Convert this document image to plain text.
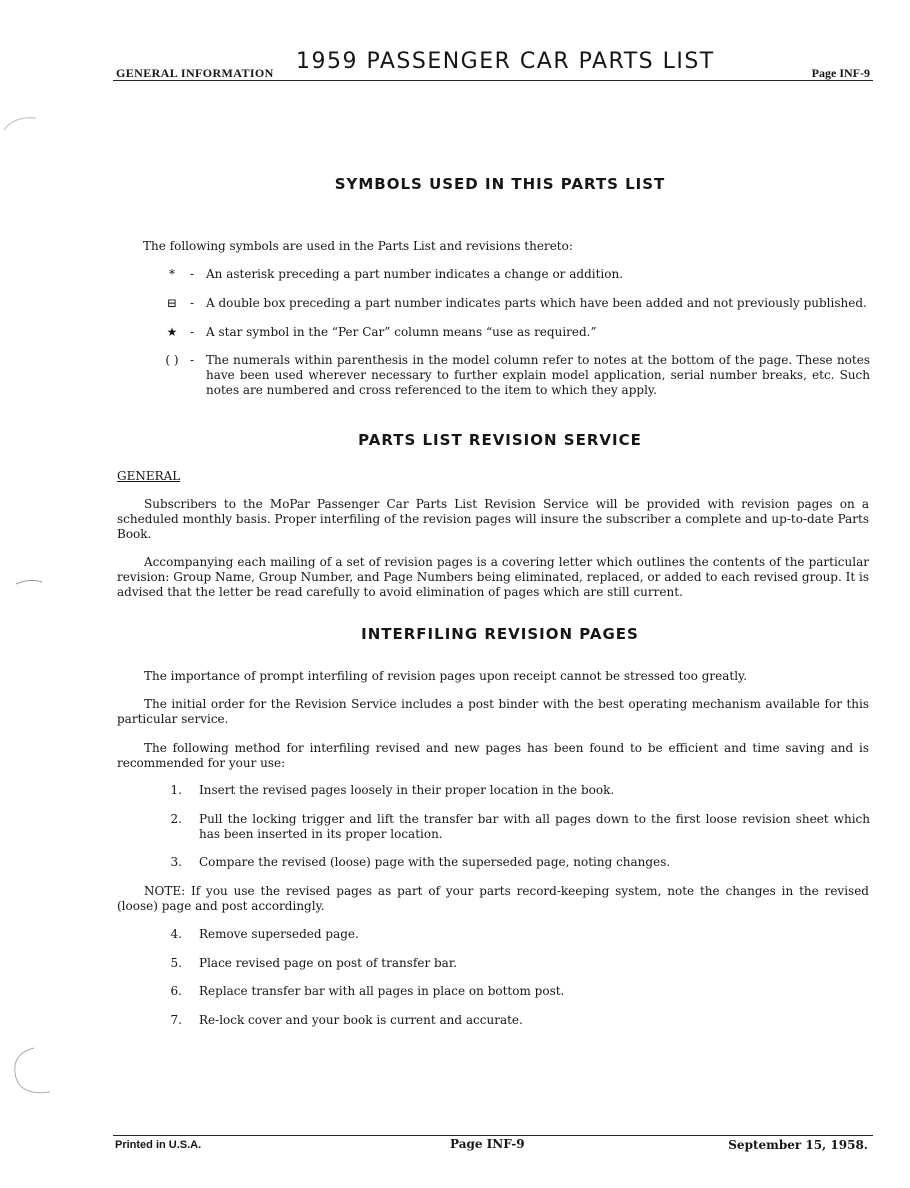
GENERAL INFORMATION 1959 PASSENGER CAR PARTS LIST	Page INF-9
SYMBOLS USED IN THIS PARTS LIST
The following symbols are used in the Parts List and revisions thereto:
*	- An asterisk preceding a part number indicates a change or addition.
⊟	- A double box preceding a part number indicates parts which have been added and not previously published.
★	- A star symbol in the “Per Car” column means “use as required.”
( ) - The numerals within parenthesis in the model column refer to notes at the bottom of the page. These notes have been used wherever necessary to further explain model application, serial number breaks, etc. Such notes are numbered and cross referenced to the item to which they apply.
PARTS LIST REVISION SERVICE
GENERAL
Subscribers to the MoPar Passenger Car Parts List Revision Service will be provided with revision pages on a scheduled monthly basis. Proper interfiling of the revision pages will insure the subscriber a complete and up-to-date Parts Book.
Accompanying each mailing of a set of revision pages is a covering letter which outlines the contents of the particular revision: Group Name, Group Number, and Page Numbers being eliminated, replaced, or added to each revised group. It is advised that the letter be read carefully to avoid elimination of pages which are still current.
INTERFILING REVISION PAGES
The importance of prompt interfiling of revision pages upon receipt cannot be stressed too greatly.
The initial order for the Revision Service includes a post binder with the best operating mechanism available for this particular service.
The following method for interfiling revised and new pages has been found to be efficient and time saving and is recommended for your use:
1. Insert the revised pages loosely in their proper location in the book.
2. Pull the locking trigger and lift the transfer bar with all pages down to the first loose revision sheet which has been inserted in its proper location.
3. Compare the revised (loose) page with the superseded page, noting changes.
NOTE: If you use the revised pages as part of your parts record-keeping system, note the changes in the revised (loose) page and post accordingly.
4. Remove superseded page.
5. Place revised page on post of transfer bar.
6. Replace transfer bar with all pages in place on bottom post.
7. Re-lock cover and your book is current and accurate.
Printed in U.S.A.	Page INF-9	September 15, 1958.
